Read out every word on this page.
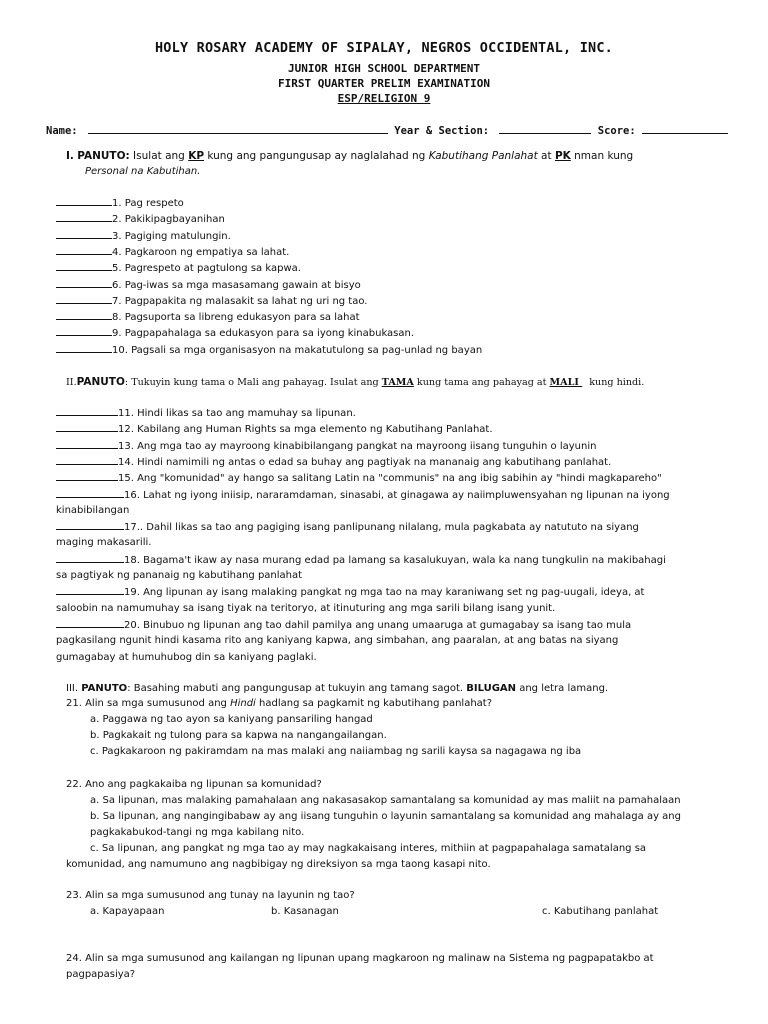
HOLY ROSARY ACADEMY OF SIPALAY, NEGROS OCCIDENTAL, INC.
JUNIOR HIGH SCHOOL DEPARTMENT
FIRST QUARTER PRELIM EXAMINATION
ESP/RELIGION 9
Name:	Year & Section:	Score:
I. PANUTO: Isulat ang KP kung ang pangungusap ay naglalahad ng Kabutihang Panlahat at PK nman kung
Personal na Kabutihan.
1. Pag respeto
2. Pakikipagbayanihan
3. Pagiging matulungin.
4. Pagkaroon ng empatiya sa lahat.
5. Pagrespeto at pagtulong sa kapwa.
6. Pag-iwas sa mga masasamang gawain at bisyo
7. Pagpapakita ng malasakit sa lahat ng uri ng tao.
8. Pagsuporta sa libreng edukasyon para sa lahat
9. Pagpapahalaga sa edukasyon para sa iyong kinabukasan.
10. Pagsali sa mga organisasyon na makatutulong sa pag-unlad ng bayan
II.PANUTO: Tukuyin kung tama o Mali ang pahayag. Isulat ang TAMA kung tama ang pahayag at MALI  kung hindi.
11. Hindi likas sa tao ang mamuhay sa lipunan.
12. Kabilang ang Human Rights sa mga elemento ng Kabutihang Panlahat.
13. Ang mga tao ay mayroong kinabibilangang pangkat na mayroong iisang tunguhin o layunin
14. Hindi namimili ng antas o edad sa buhay ang pagtiyak na mananaig ang kabutihang panlahat.
15. Ang "komunidad" ay hango sa salitang Latin na "communis" na ang ibig sabihin ay "hindi magkapareho"
16. Lahat ng iyong iniisip, nararamdaman, sinasabi, at ginagawa ay naiimpluwensyahan ng lipunan na iyong
kinabibilangan
17.. Dahil likas sa tao ang pagiging isang panlipunang nilalang, mula pagkabata ay natututo na siyang
maging makasarili.
18. Bagama't ikaw ay nasa murang edad pa lamang sa kasalukuyan, wala ka nang tungkulin na makibahagi
sa pagtiyak ng pananaig ng kabutihang panlahat
19. Ang lipunan ay isang malaking pangkat ng mga tao na may karaniwang set ng pag-uugali, ideya, at
saloobin na namumuhay sa isang tiyak na teritoryo, at itinuturing ang mga sarili bilang isang yunit.
20. Binubuo ng lipunan ang tao dahil pamilya ang unang umaaruga at gumagabay sa isang tao mula
pagkasilang ngunit hindi kasama rito ang kaniyang kapwa, ang simbahan, ang paaralan, at ang batas na siyang
gumagabay at humuhubog din sa kaniyang paglaki.
III. PANUTO: Basahing mabuti ang pangungusap at tukuyin ang tamang sagot. BILUGAN ang letra lamang.
21. Alin sa mga sumusunod ang Hindi hadlang sa pagkamit ng kabutihang panlahat?
a. Paggawa ng tao ayon sa kaniyang pansariling hangad
b. Pagkakait ng tulong para sa kapwa na nangangailangan.
c. Pagkakaroon ng pakiramdam na mas malaki ang naiiambag ng sarili kaysa sa nagagawa ng iba
22. Ano ang pagkakaiba ng lipunan sa komunidad?
a. Sa lipunan, mas malaking pamahalaan ang nakasasakop samantalang sa komunidad ay mas maliit na pamahalaan
b. Sa lipunan, ang nangingibabaw ay ang iisang tunguhin o layunin samantalang sa komunidad ang mahalaga ay ang
pagkakabukod-tangi ng mga kabilang nito.
c. Sa lipunan, ang pangkat ng mga tao ay may nagkakaisang interes, mithiin at pagpapahalaga samatalang sa
komunidad, ang namumuno ang nagbibigay ng direksiyon sa mga taong kasapi nito.
23. Alin sa mga sumusunod ang tunay na layunin ng tao?
a. Kapayapaan	b. Kasanagan	c. Kabutihang panlahat
24. Alin sa mga sumusunod ang kailangan ng lipunan upang magkaroon ng malinaw na Sistema ng pagpapatakbo at
pagpapasiya?
